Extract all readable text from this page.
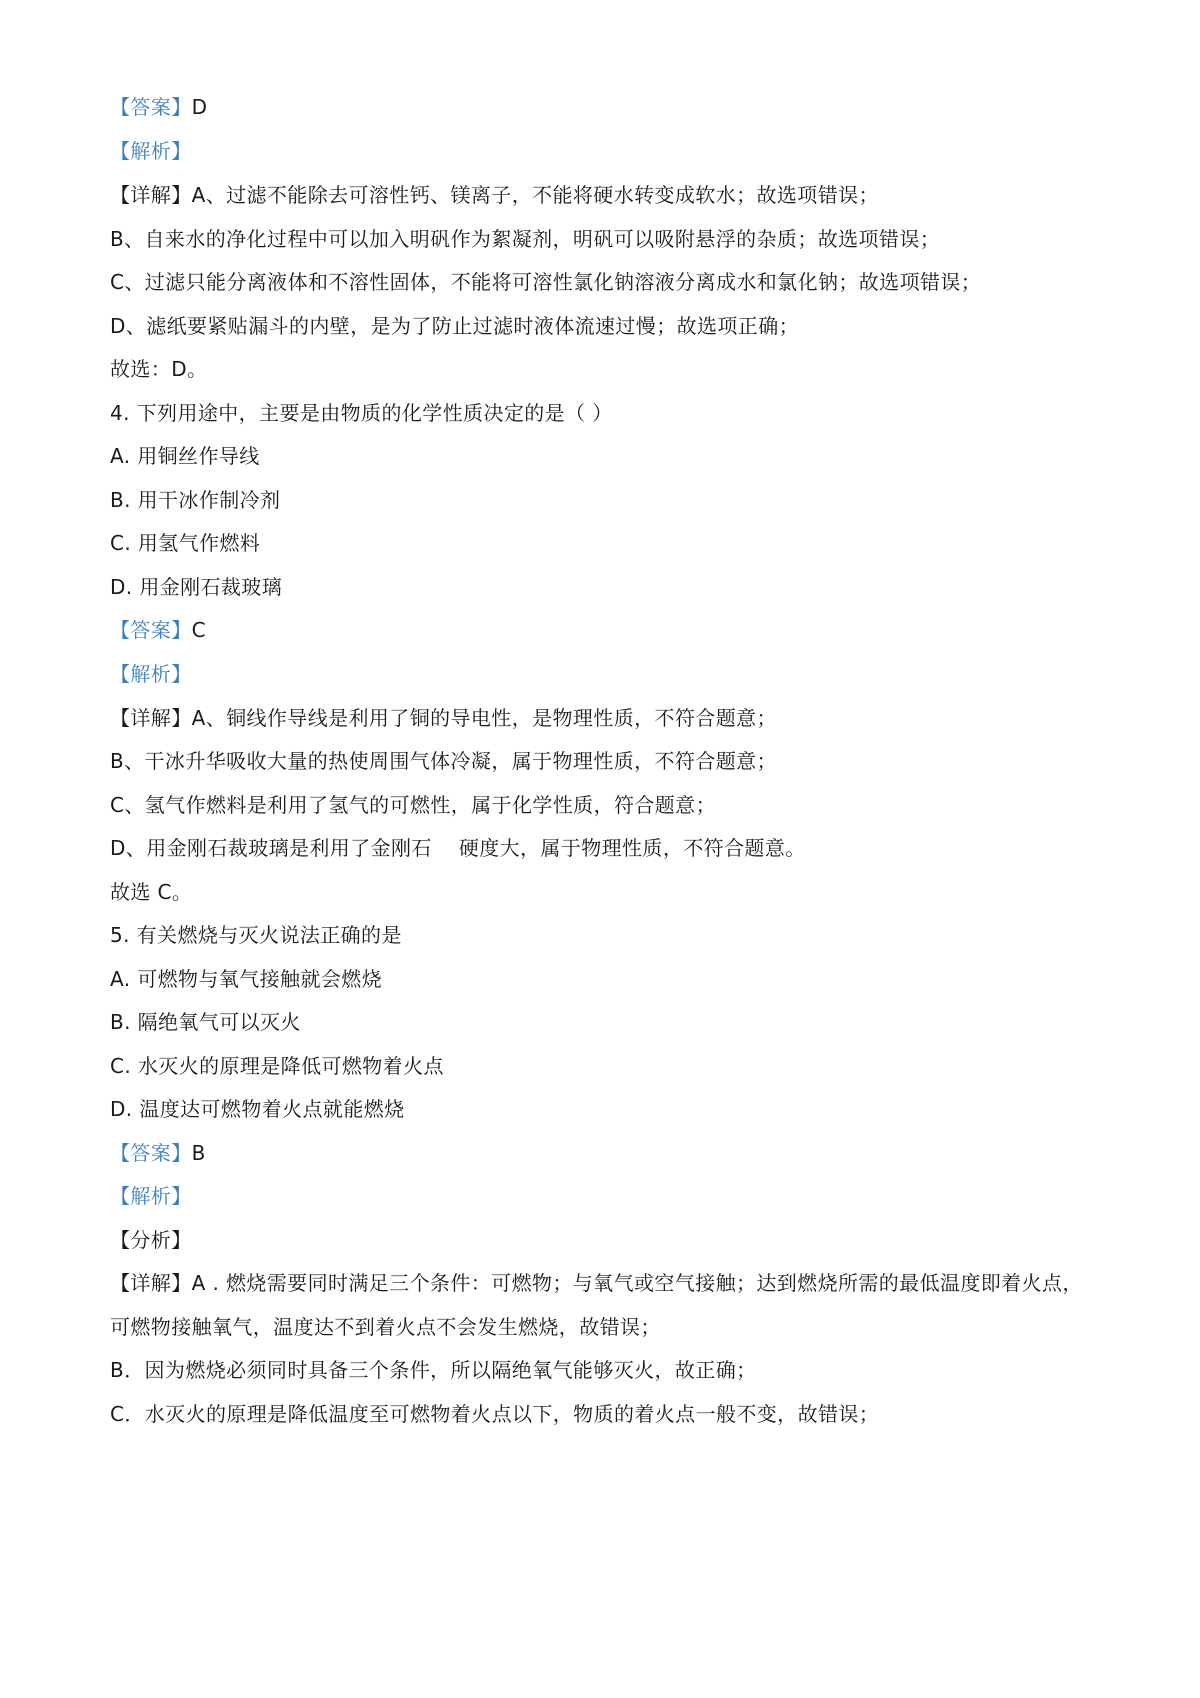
【答案】D
【解析】
【详解】A、过滤不能除去可溶性钙、镁离子，不能将硬水转变成软水；故选项错误；
B、自来水的净化过程中可以加入明矾作为絮凝剂，明矾可以吸附悬浮的杂质；故选项错误；
C、过滤只能分离液体和不溶性固体，不能将可溶性氯化钠溶液分离成水和氯化钠；故选项错误；
D、滤纸要紧贴漏斗的内壁，是为了防止过滤时液体流速过慢；故选项正确；
故选：D。
4. 下列用途中，主要是由物质的化学性质决定的是（ ）
A. 用铜丝作导线
B. 用干冰作制冷剂
C. 用氢气作燃料
D. 用金刚石裁玻璃
【答案】C
【解析】
【详解】A、铜线作导线是利用了铜的导电性，是物理性质，不符合题意；
B、干冰升华吸收大量的热使周围气体冷凝，属于物理性质，不符合题意；
C、氢气作燃料是利用了氢气的可燃性，属于化学性质，符合题意；
D、用金刚石裁玻璃是利用了金刚石    硬度大，属于物理性质，不符合题意。
故选 C。
5. 有关燃烧与灭火说法正确的是
A. 可燃物与氧气接触就会燃烧
B. 隔绝氧气可以灭火
C. 水灭火的原理是降低可燃物着火点
D. 温度达可燃物着火点就能燃烧
【答案】B
【解析】
【分析】
【详解】A . 燃烧需要同时满足三个条件：可燃物；与氧气或空气接触；达到燃烧所需的最低温度即着火点，
可燃物接触氧气，温度达不到着火点不会发生燃烧，故错误；
B．因为燃烧必须同时具备三个条件，所以隔绝氧气能够灭火，故正确；
C．水灭火的原理是降低温度至可燃物着火点以下，物质的着火点一般不变，故错误；
